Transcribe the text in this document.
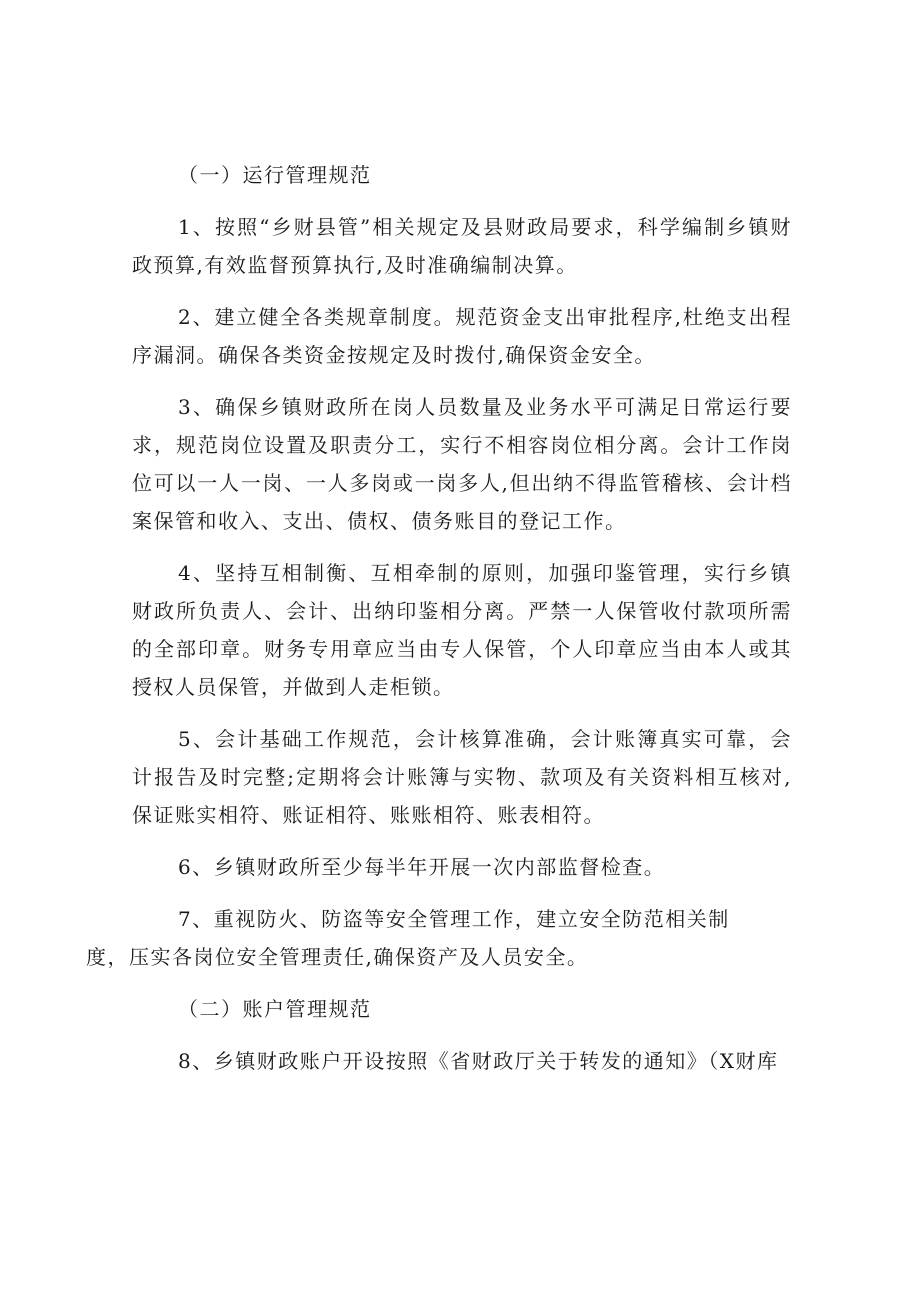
（一）运行管理规范

1、按照“乡财县管”相关规定及县财政局要求，科学编制乡镇财政预算,有效监督预算执行,及时准确编制决算。

2、建立健全各类规章制度。规范资金支出审批程序,杜绝支出程序漏洞。确保各类资金按规定及时拨付,确保资金安全。

3、确保乡镇财政所在岗人员数量及业务水平可满足日常运行要求，规范岗位设置及职责分工，实行不相容岗位相分离。会计工作岗位可以一人一岗、一人多岗或一岗多人,但出纳不得监管稽核、会计档案保管和收入、支出、债权、债务账目的登记工作。

4、坚持互相制衡、互相牵制的原则，加强印鉴管理，实行乡镇财政所负责人、会计、出纳印鉴相分离。严禁一人保管收付款项所需的全部印章。财务专用章应当由专人保管，个人印章应当由本人或其授权人员保管，并做到人走柜锁。

5、会计基础工作规范，会计核算准确，会计账簿真实可靠，会计报告及时完整;定期将会计账簿与实物、款项及有关资料相互核对,保证账实相符、账证相符、账账相符、账表相符。

6、乡镇财政所至少每半年开展一次内部监督检查。

7、重视防火、防盗等安全管理工作，建立安全防范相关制
度，压实各岗位安全管理责任,确保资产及人员安全。

（二）账户管理规范

8、乡镇财政账户开设按照《省财政厅关于转发的通知》（X财库
